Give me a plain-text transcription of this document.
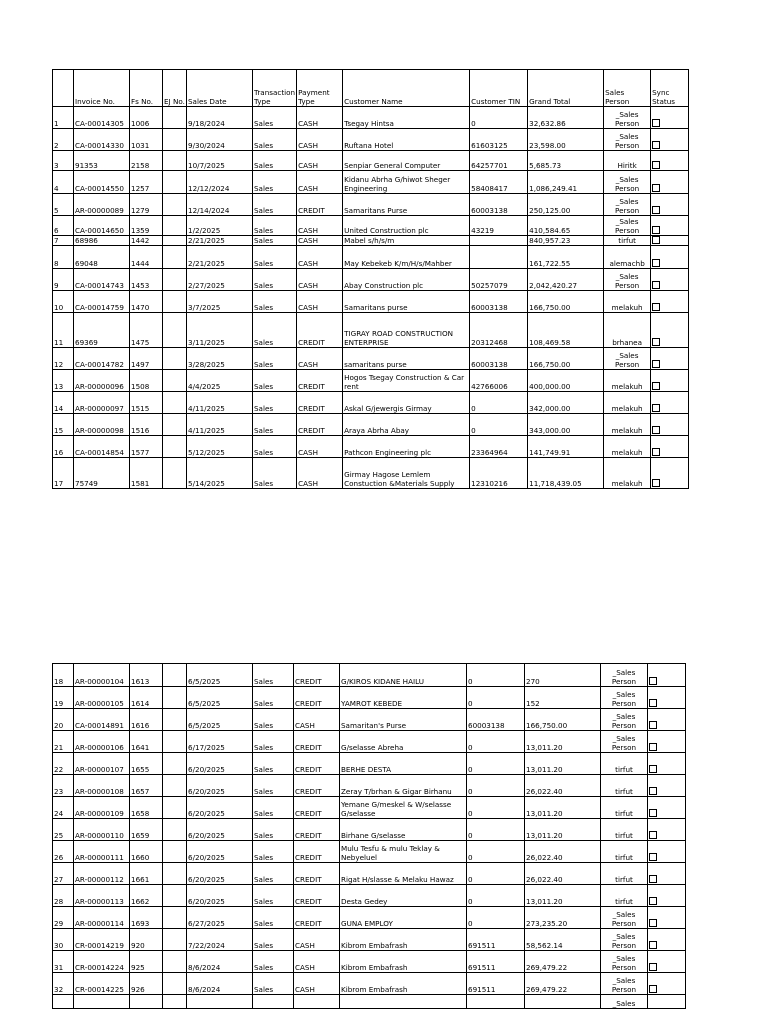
	Invoice No.	Fs No.	EJ No.	Sales Date	Transaction Type	Payment Type	Customer Name	Customer TIN	Grand Total	Sales Person	Sync Status
1	CA-00014305	1006		9/18/2024	Sales	CASH	Tsegay Hintsa	0	32,632.86	_Sales Person	
2	CA-00014330	1031		9/30/2024	Sales	CASH	Ruftana Hotel	61603125	23,598.00	_Sales Person	
3	91353	2158		10/7/2025	Sales	CASH	Senpiar General Computer	64257701	5,685.73	Hiritk	
4	CA-00014550	1257		12/12/2024	Sales	CASH	Kidanu Abrha G/hiwot Sheger Engineering	58408417	1,086,249.41	_Sales Person	
5	AR-00000089	1279		12/14/2024	Sales	CREDIT	Samaritans Purse	60003138	250,125.00	_Sales Person	
6	CA-00014650	1359		1/2/2025	Sales	CASH	United Construction plc	43219	410,584.65	_Sales Person	
7	68986	1442		2/21/2025	Sales	CASH	Mabel s/h/s/m		840,957.23	tirfut	
8	69048	1444		2/21/2025	Sales	CASH	May Kebekeb K/m/H/s/Mahber		161,722.55	alemachb	
9	CA-00014743	1453		2/27/2025	Sales	CASH	Abay Construction plc	50257079	2,042,420.27	_Sales Person	
10	CA-00014759	1470		3/7/2025	Sales	CASH	Samaritans purse	60003138	166,750.00	melakuh	
11	69369	1475		3/11/2025	Sales	CREDIT	TIGRAY ROAD CONSTRUCTION ENTERPRISE	20312468	108,469.58	brhanea	
12	CA-00014782	1497		3/28/2025	Sales	CASH	samaritans purse	60003138	166,750.00	_Sales Person	
13	AR-00000096	1508		4/4/2025	Sales	CREDIT	Hogos Tsegay Construction & Car rent	42766006	400,000.00	melakuh	
14	AR-00000097	1515		4/11/2025	Sales	CREDIT	Askal G/jewergis Girmay	0	342,000.00	melakuh	
15	AR-00000098	1516		4/11/2025	Sales	CREDIT	Araya Abrha Abay	0	343,000.00	melakuh	
16	CA-00014854	1577		5/12/2025	Sales	CASH	Pathcon Engineering plc	23364964	141,749.91	melakuh	
17	75749	1581		5/14/2025	Sales	CASH	Girmay Hagose Lemlem Constuction &Materials Supply	12310216	11,718,439.05	melakuh	
18	AR-00000104	1613		6/5/2025	Sales	CREDIT	G/KIROS KIDANE HAILU	0	270	_Sales Person	
19	AR-00000105	1614		6/5/2025	Sales	CREDIT	YAMROT KEBEDE	0	152	_Sales Person	
20	CA-00014891	1616		6/5/2025	Sales	CASH	Samaritan's Purse	60003138	166,750.00	_Sales Person	
21	AR-00000106	1641		6/17/2025	Sales	CREDIT	G/selasse Abreha	0	13,011.20	_Sales Person	
22	AR-00000107	1655		6/20/2025	Sales	CREDIT	BERHE DESTA	0	13,011.20	tirfut	
23	AR-00000108	1657		6/20/2025	Sales	CREDIT	Zeray T/brhan & Gigar Birhanu	0	26,022.40	tirfut	
24	AR-00000109	1658		6/20/2025	Sales	CREDIT	Yemane G/meskel & W/selasse G/selasse	0	13,011.20	tirfut	
25	AR-00000110	1659		6/20/2025	Sales	CREDIT	Birhane G/selasse	0	13,011.20	tirfut	
26	AR-00000111	1660		6/20/2025	Sales	CREDIT	Mulu Tesfu & mulu Teklay & Nebyeluel	0	26,022.40	tirfut	
27	AR-00000112	1661		6/20/2025	Sales	CREDIT	Rigat H/slasse & Melaku Hawaz	0	26,022.40	tirfut	
28	AR-00000113	1662		6/20/2025	Sales	CREDIT	Desta Gedey	0	13,011.20	tirfut	
29	AR-00000114	1693		6/27/2025	Sales	CREDIT	GUNA EMPLOY	0	273,235.20	_Sales Person	
30	CR-00014219	920		7/22/2024	Sales	CASH	Kibrom Embafrash	691511	58,562.14	_Sales Person	
31	CR-00014224	925		8/6/2024	Sales	CASH	Kibrom Embafrash	691511	269,479.22	_Sales Person	
32	CR-00014225	926		8/6/2024	Sales	CASH	Kibrom Embafrash	691511	269,479.22	_Sales Person	
										_Sales	
